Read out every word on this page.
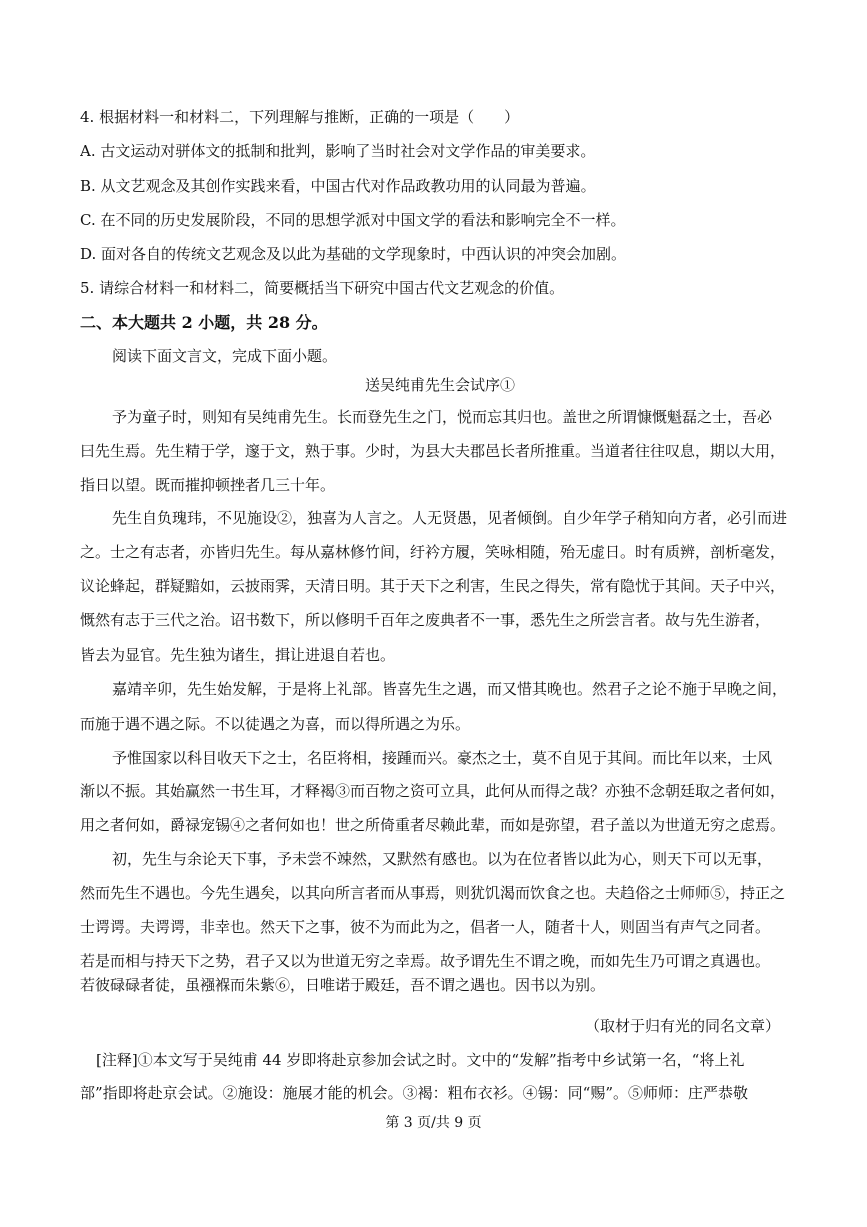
4. 根据材料一和材料二，下列理解与推断，正确的一项是（　　）
A. 古文运动对骈体文的抵制和批判，影响了当时社会对文学作品的审美要求。
B. 从文艺观念及其创作实践来看，中国古代对作品政教功用的认同最为普遍。
C. 在不同的历史发展阶段，不同的思想学派对中国文学的看法和影响完全不一样。
D. 面对各自的传统文艺观念及以此为基础的文学现象时，中西认识的冲突会加剧。
5. 请综合材料一和材料二，简要概括当下研究中国古代文艺观念的价值。
二、本大题共 2 小题，共 28 分。
阅读下面文言文，完成下面小题。
送吴纯甫先生会试序①
予为童子时，则知有吴纯甫先生。长而登先生之门，悦而忘其归也。盖世之所谓慷慨魁磊之士，吾必
曰先生焉。先生精于学，邃于文，熟于事。少时，为县大夫郡邑长者所推重。当道者往往叹息，期以大用，
指日以望。既而摧抑顿挫者几三十年。
先生自负瑰玮，不见施设②，独喜为人言之。人无贤愚，见者倾倒。自少年学子稍知向方者，必引而进
之。士之有志者，亦皆归先生。每从嘉林修竹间，纡衿方履，笑咏相随，殆无虚日。时有质辨，剖析毫发，
议论蜂起，群疑黯如，云披雨霁，天清日明。其于天下之利害，生民之得失，常有隐忧于其间。天子中兴，
慨然有志于三代之治。诏书数下，所以修明千百年之废典者不一事，悉先生之所尝言者。故与先生游者，
皆去为显官。先生独为诸生，揖让进退自若也。
嘉靖辛卯，先生始发解，于是将上礼部。皆喜先生之遇，而又惜其晚也。然君子之论不施于早晚之间，
而施于遇不遇之际。不以徒遇之为喜，而以得所遇之为乐。
予惟国家以科目收天下之士，名臣将相，接踵而兴。豪杰之士，莫不自见于其间。而比年以来，士风
渐以不振。其始赢然一书生耳，才释褐③而百物之资可立具，此何从而得之哉？亦独不念朝廷取之者何如，
用之者何如，爵禄宠锡④之者何如也！世之所倚重者尽赖此辈，而如是弥望，君子盖以为世道无穷之虑焉。
初，先生与余论天下事，予未尝不竦然，又默然有感也。以为在位者皆以此为心，则天下可以无事，
然而先生不遇也。今先生遇矣，以其向所言者而从事焉，则犹饥渴而饮食之也。夫趋俗之士师师⑤，持正之
士谔谔。夫谔谔，非幸也。然天下之事，彼不为而此为之，倡者一人，随者十人，则固当有声气之同者。
若是而相与持天下之势，君子又以为世道无穷之幸焉。故予谓先生不谓之晚，而如先生乃可谓之真遇也。
若彼碌碌者徒，虽襁褓而朱紫⑥，日唯诺于殿廷，吾不谓之遇也。因书以为别。
（取材于归有光的同名文章）
[注释]①本文写于吴纯甫 44 岁即将赴京参加会试之时。文中的“发解”指考中乡试第一名，“将上礼
部”指即将赴京会试。②施设：施展才能的机会。③褐：粗布衣衫。④锡：同“赐”。⑤师师：庄严恭敬
第 3 页/共 9 页
